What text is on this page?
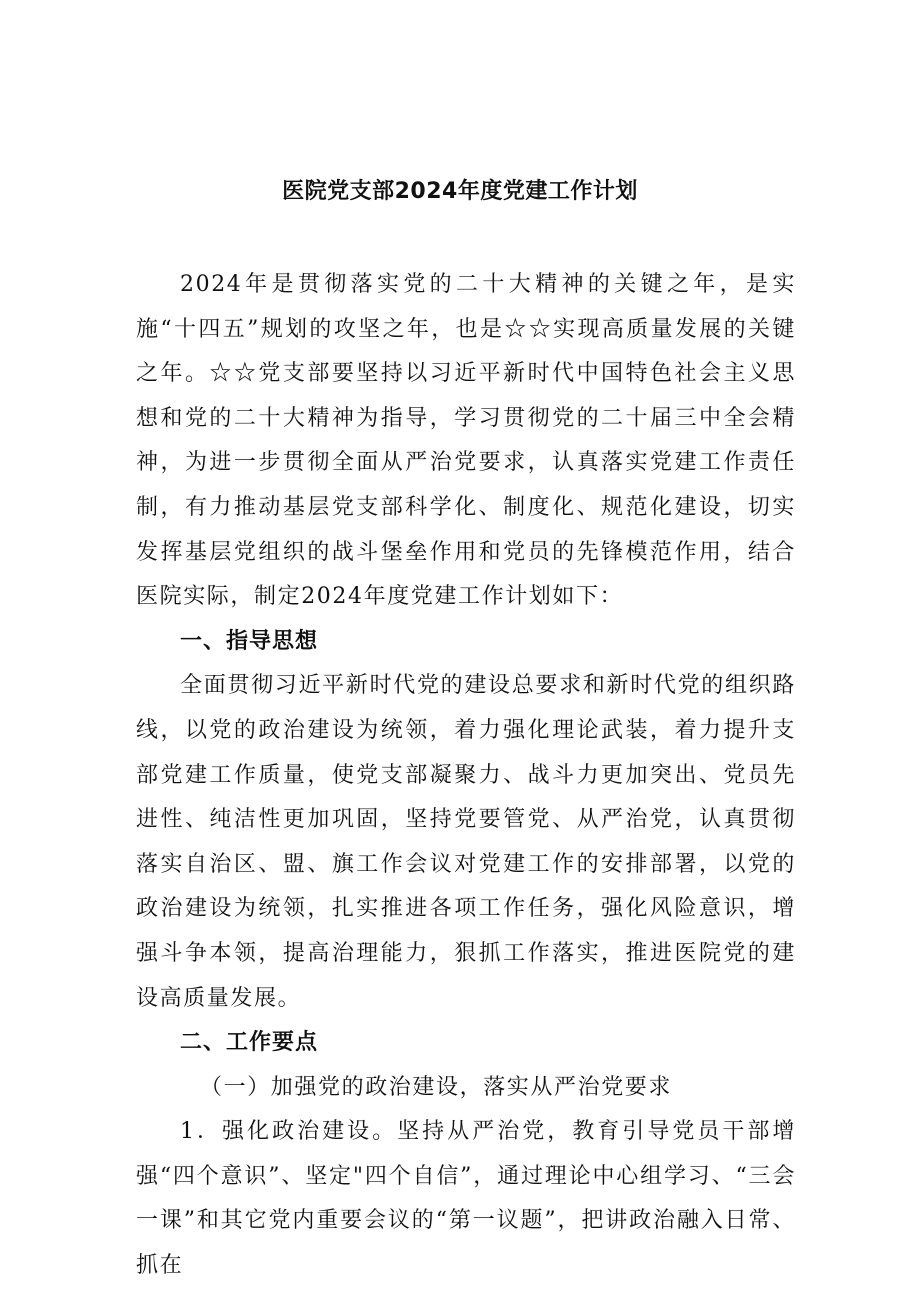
医院党支部2024年度党建工作计划

2024年是贯彻落实党的二十大精神的关键之年，是实施“十四五”规划的攻坚之年，也是☆☆实现高质量发展的关键之年。☆☆党支部要坚持以习近平新时代中国特色社会主义思想和党的二十大精神为指导，学习贯彻党的二十届三中全会精神，为进一步贯彻全面从严治党要求，认真落实党建工作责任制，有力推动基层党支部科学化、制度化、规范化建设，切实发挥基层党组织的战斗堡垒作用和党员的先锋模范作用，结合医院实际，制定2024年度党建工作计划如下：

一、指导思想

全面贯彻习近平新时代党的建设总要求和新时代党的组织路线，以党的政治建设为统领，着力强化理论武装，着力提升支部党建工作质量，使党支部凝聚力、战斗力更加突出、党员先进性、纯洁性更加巩固，坚持党要管党、从严治党，认真贯彻落实自治区、盟、旗工作会议对党建工作的安排部署，以党的政治建设为统领，扎实推进各项工作任务，强化风险意识，增强斗争本领，提高治理能力，狠抓工作落实，推进医院党的建设高质量发展。

二、工作要点

（一）加强党的政治建设，落实从严治党要求

1．强化政治建设。坚持从严治党，教育引导党员干部增强“四个意识”、坚定"四个自信”，通过理论中心组学习、“三会一课”和其它党内重要会议的“第一议题”，把讲政治融入日常、抓在
